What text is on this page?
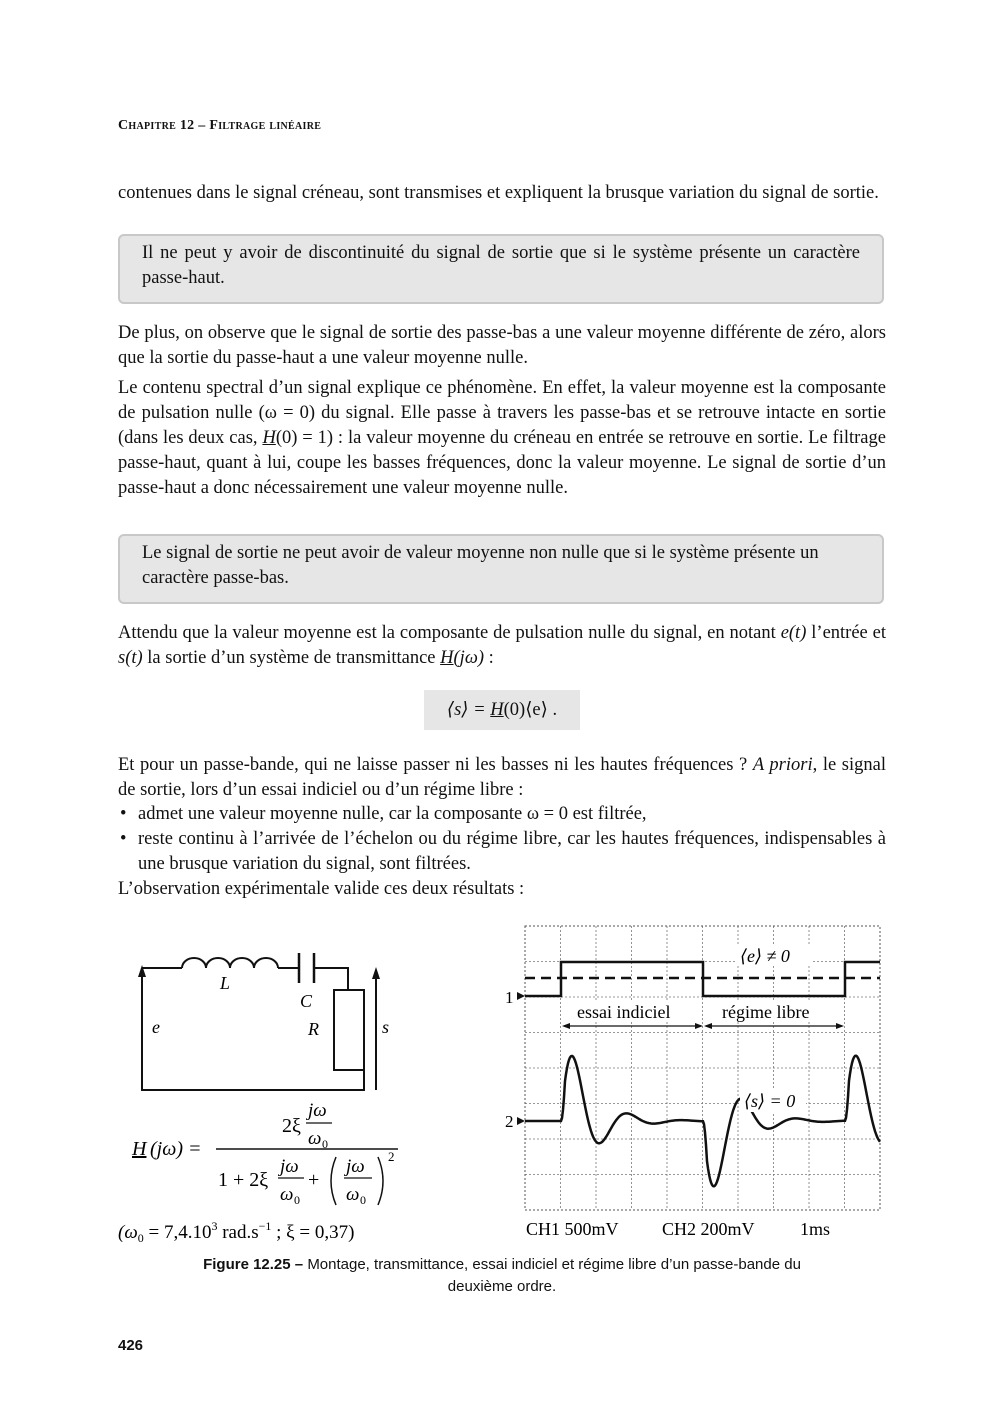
Chapitre 12 – Filtrage linéaire
contenues dans le signal créneau, sont transmises et expliquent la brusque variation du signal de sortie.
Il ne peut y avoir de discontinuité du signal de sortie que si le système présente un caractère passe-haut.
De plus, on observe que le signal de sortie des passe-bas a une valeur moyenne différente de zéro, alors que la sortie du passe-haut a une valeur moyenne nulle.
Le contenu spectral d’un signal explique ce phénomène. En effet, la valeur moyenne est la composante de pulsation nulle (ω = 0) du signal. Elle passe à travers les passe-bas et se retrouve intacte en sortie (dans les deux cas, H(0) = 1) : la valeur moyenne du créneau en entrée se retrouve en sortie. Le filtrage passe-haut, quant à lui, coupe les basses fréquences, donc la valeur moyenne. Le signal de sortie d’un passe-haut a donc nécessairement une valeur moyenne nulle.
Le signal de sortie ne peut avoir de valeur moyenne non nulle que si le système présente un caractère passe-bas.
Attendu que la valeur moyenne est la composante de pulsation nulle du signal, en notant e(t) l’entrée et s(t) la sortie d’un système de transmittance H(jω) :
⟨s⟩ = H(0)⟨e⟩ .
Et pour un passe-bande, qui ne laisse passer ni les basses ni les hautes fréquences ? A priori, le signal de sortie, lors d’un essai indiciel ou d’un régime libre :
• admet une valeur moyenne nulle, car la composante ω = 0 est filtrée,
• reste continu à l’arrivée de l’échelon ou du régime libre, car les hautes fréquences, indispensables à une brusque variation du signal, sont filtrées.
L’observation expérimentale valide ces deux résultats :
L
C
R
e	s
H (jω) =
2ξ
jω
ω 0
1 + 2ξ
jω
ω 0
+
jω
ω 0
2
($\omega_0 = 7,4.10^3$ $rad.s^{-1}$ ; ξ = 0,37)
1
2
⟨e⟩ ≠ 0
essai indiciel	régime libre
⟨s⟩ = 0
CH1 500mV CH2 200mV	1ms
Figure 12.25 – Montage, transmittance, essai indiciel et régime libre d’un passe-bande du deuxième ordre.
426
